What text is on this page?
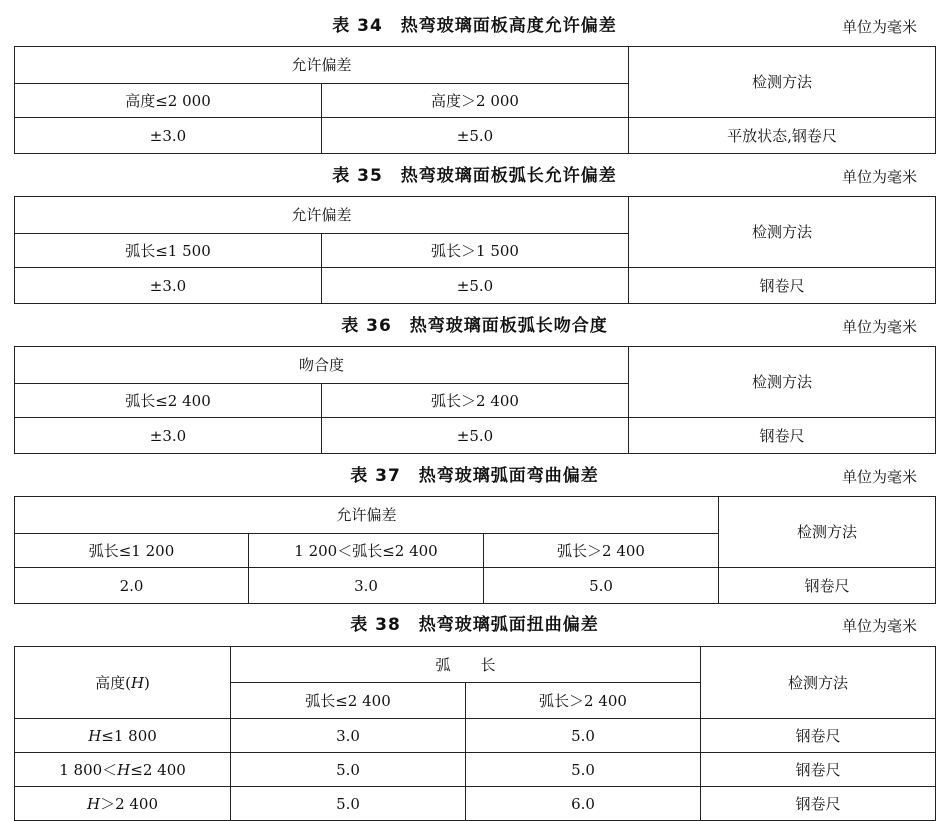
表 34　热弯玻璃面板高度允许偏差	单位为毫米
允许偏差		检测方法
高度≤2 000	高度＞2 000	
±3.0	±5.0	平放状态,钢卷尺
表 35　热弯玻璃面板弧长允许偏差	单位为毫米
允许偏差		检测方法
弧长≤1 500	弧长＞1 500	
±3.0	±5.0	钢卷尺
表 36　热弯玻璃面板弧长吻合度	单位为毫米
吻合度		检测方法
弧长≤2 400	弧长＞2 400	
±3.0	±5.0	钢卷尺
表 37　热弯玻璃弧面弯曲偏差	单位为毫米
允许偏差			检测方法
弧长≤1 200	1 200＜弧长≤2 400	弧长＞2 400	
2.0	3.0	5.0	钢卷尺
表 38　热弯玻璃弧面扭曲偏差	单位为毫米
高度(H)	弧　　长		检测方法
	弧长≤2 400	弧长＞2 400	
H≤1 800	3.0	5.0	钢卷尺
1 800＜H≤2 400	5.0	5.0	钢卷尺
H＞2 400	5.0	6.0	钢卷尺
